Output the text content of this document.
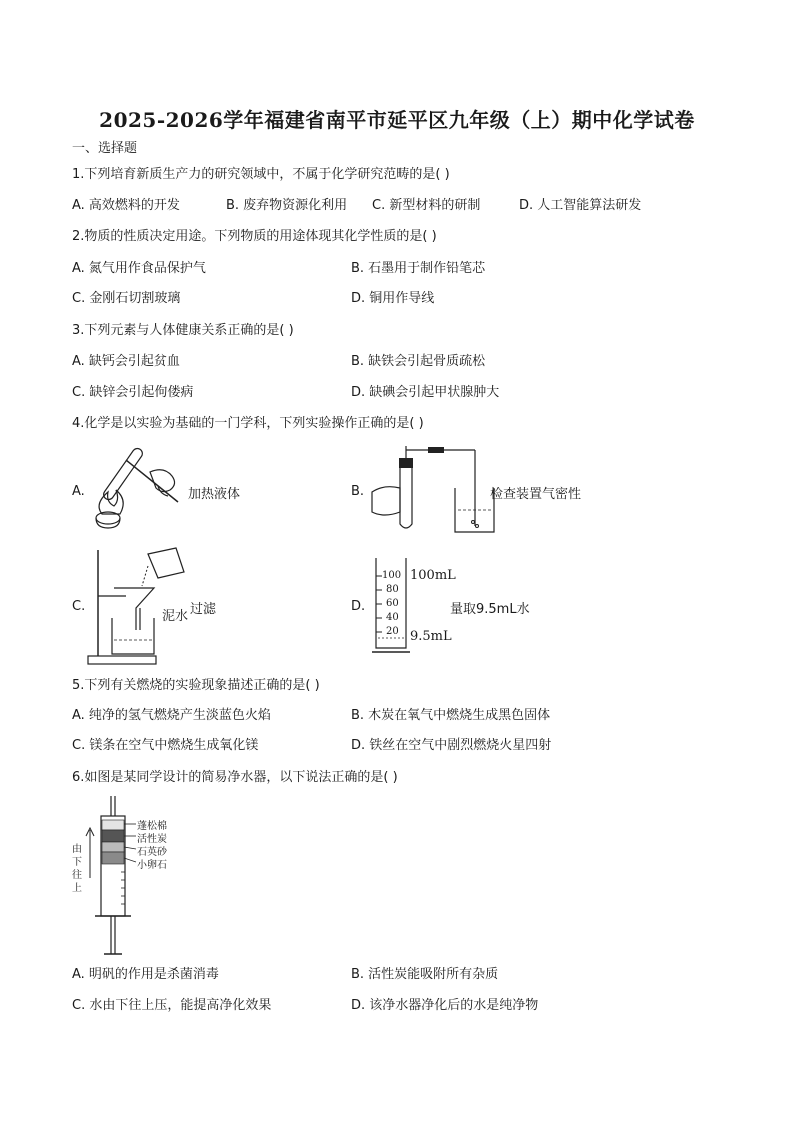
2025-2026学年福建省南平市延平区九年级（上）期中化学试卷
一、选择题
1.下列培育新质生产力的研究领域中，不属于化学研究范畴的是( )
A. 高效燃料的开发	B. 废弃物资源化利用 C. 新型材料的研制	D. 人工智能算法研发
2.物质的性质决定用途。下列物质的用途体现其化学性质的是( )
A. 氮气用作食品保护气	B. 石墨用于制作铅笔芯
C. 金刚石切割玻璃	D. 铜用作导线
3.下列元素与人体健康关系正确的是( )
A. 缺钙会引起贫血	B. 缺铁会引起骨质疏松
C. 缺锌会引起佝偻病	D. 缺碘会引起甲状腺肿大
4.化学是以实验为基础的一门学科，下列实验操作正确的是( )
A.	加热液体	B.	检查装置气密性
C.
泥水 过滤	D.
100
80
60
40
20
100mL
量取9.5mL水
9.5mL
5.下列有关燃烧的实验现象描述正确的是( )
A. 纯净的氢气燃烧产生淡蓝色火焰	B. 木炭在氧气中燃烧生成黑色固体
C. 镁条在空气中燃烧生成氧化镁	D. 铁丝在空气中剧烈燃烧火星四射
6.如图是某同学设计的简易净水器，以下说法正确的是( )
蓬松棉
活性炭
石英砂
小卵石
由
下
往
上
A. 明矾的作用是杀菌消毒	B. 活性炭能吸附所有杂质
C. 水由下往上压，能提高净化效果	D. 该净水器净化后的水是纯净物
